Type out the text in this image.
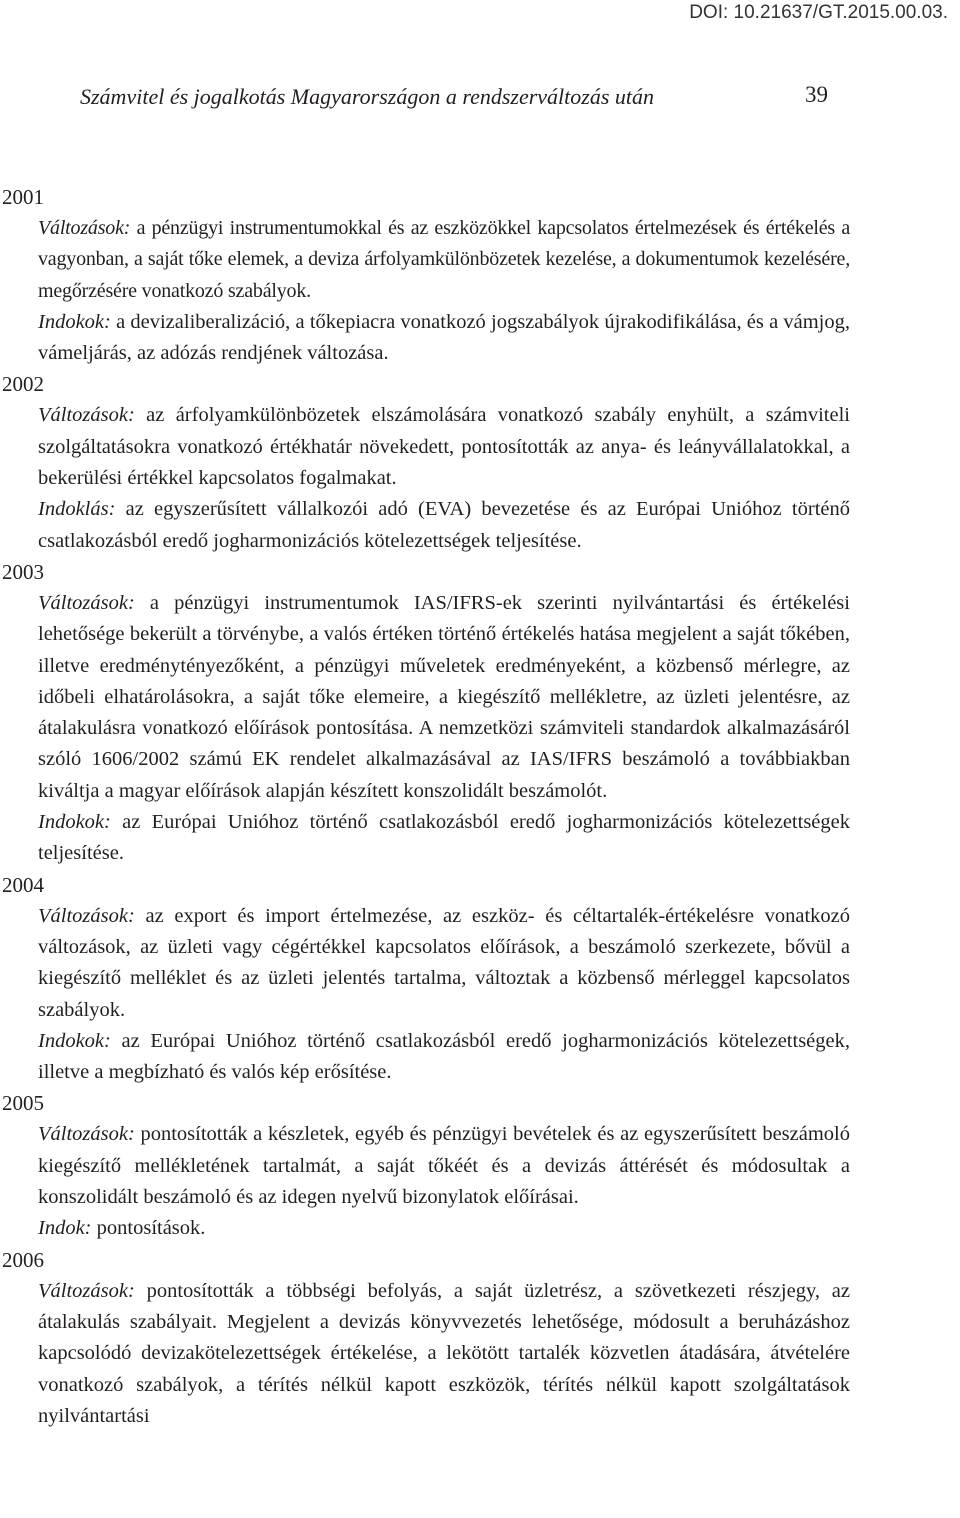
DOI: 10.21637/GT.2015.00.03.
Számvitel és jogalkotás Magyarországon a rendszerváltozás után	39
2001

Változások: a pénzügyi instrumentumokkal és az eszközökkel kapcsolatos értelmezések és értékelés a vagyonban, a saját tőke elemek, a deviza árfolyamkülönbözetek kezelése, a dokumentumok kezelésére, megőrzésére vonatkozó szabályok.

Indokok: a devizaliberalizáció, a tőkepiacra vonatkozó jogszabályok újrakodifikálása, és a vámjog, vámeljárás, az adózás rendjének változása.

2002

Változások: az árfolyamkülönbözetek elszámolására vonatkozó szabály enyhült, a számviteli szolgáltatásokra vonatkozó értékhatár növekedett, pontosították az anya- és leányvállalatokkal, a bekerülési értékkel kapcsolatos fogalmakat.

Indoklás: az egyszerűsített vállalkozói adó (EVA) bevezetése és az Európai Unióhoz történő csatlakozásból eredő jogharmonizációs kötelezettségek teljesítése.

2003

Változások: a pénzügyi instrumentumok IAS/IFRS-ek szerinti nyilvántartási és értékelési lehetősége bekerült a törvénybe, a valós értéken történő értékelés hatása megjelent a saját tőkében, illetve eredménytényezőként, a pénzügyi műveletek eredményeként, a közbenső mérlegre, az időbeli elhatárolásokra, a saját tőke elemeire, a kiegészítő mellékletre, az üzleti jelentésre, az átalakulásra vonatkozó előírások pontosítása. A nemzetközi számviteli standardok alkalmazásáról szóló 1606/2002 számú EK rendelet alkalmazásával az IAS/IFRS beszámoló a továbbiakban kiváltja a magyar előírások alapján készített konszolidált beszámolót.

Indokok: az Európai Unióhoz történő csatlakozásból eredő jogharmonizációs kötelezettségek teljesítése.

2004

Változások: az export és import értelmezése, az eszköz- és céltartalék-értékelésre vonatkozó változások, az üzleti vagy cégértékkel kapcsolatos előírások, a beszámoló szerkezete, bővül a kiegészítő melléklet és az üzleti jelentés tartalma, változtak a közbenső mérleggel kapcsolatos szabályok.

Indokok: az Európai Unióhoz történő csatlakozásból eredő jogharmonizációs kötelezettségek, illetve a megbízható és valós kép erősítése.

2005

Változások: pontosították a készletek, egyéb és pénzügyi bevételek és az egyszerűsített beszámoló kiegészítő mellékletének tartalmát, a saját tőkéét és a devizás áttérését és módosultak a konszolidált beszámoló és az idegen nyelvű bizonylatok előírásai.

Indok: pontosítások.

2006

Változások: pontosították a többségi befolyás, a saját üzletrész, a szövetkezeti részjegy, az átalakulás szabályait. Megjelent a devizás könyvvezetés lehetősége, módosult a beruházáshoz kapcsolódó devizakötelezettségek értékelése, a lekötött tartalék közvetlen átadására, átvételére vonatkozó szabályok, a térítés nélkül kapott eszközök, térítés nélkül kapott szolgáltatások nyilvántartási
